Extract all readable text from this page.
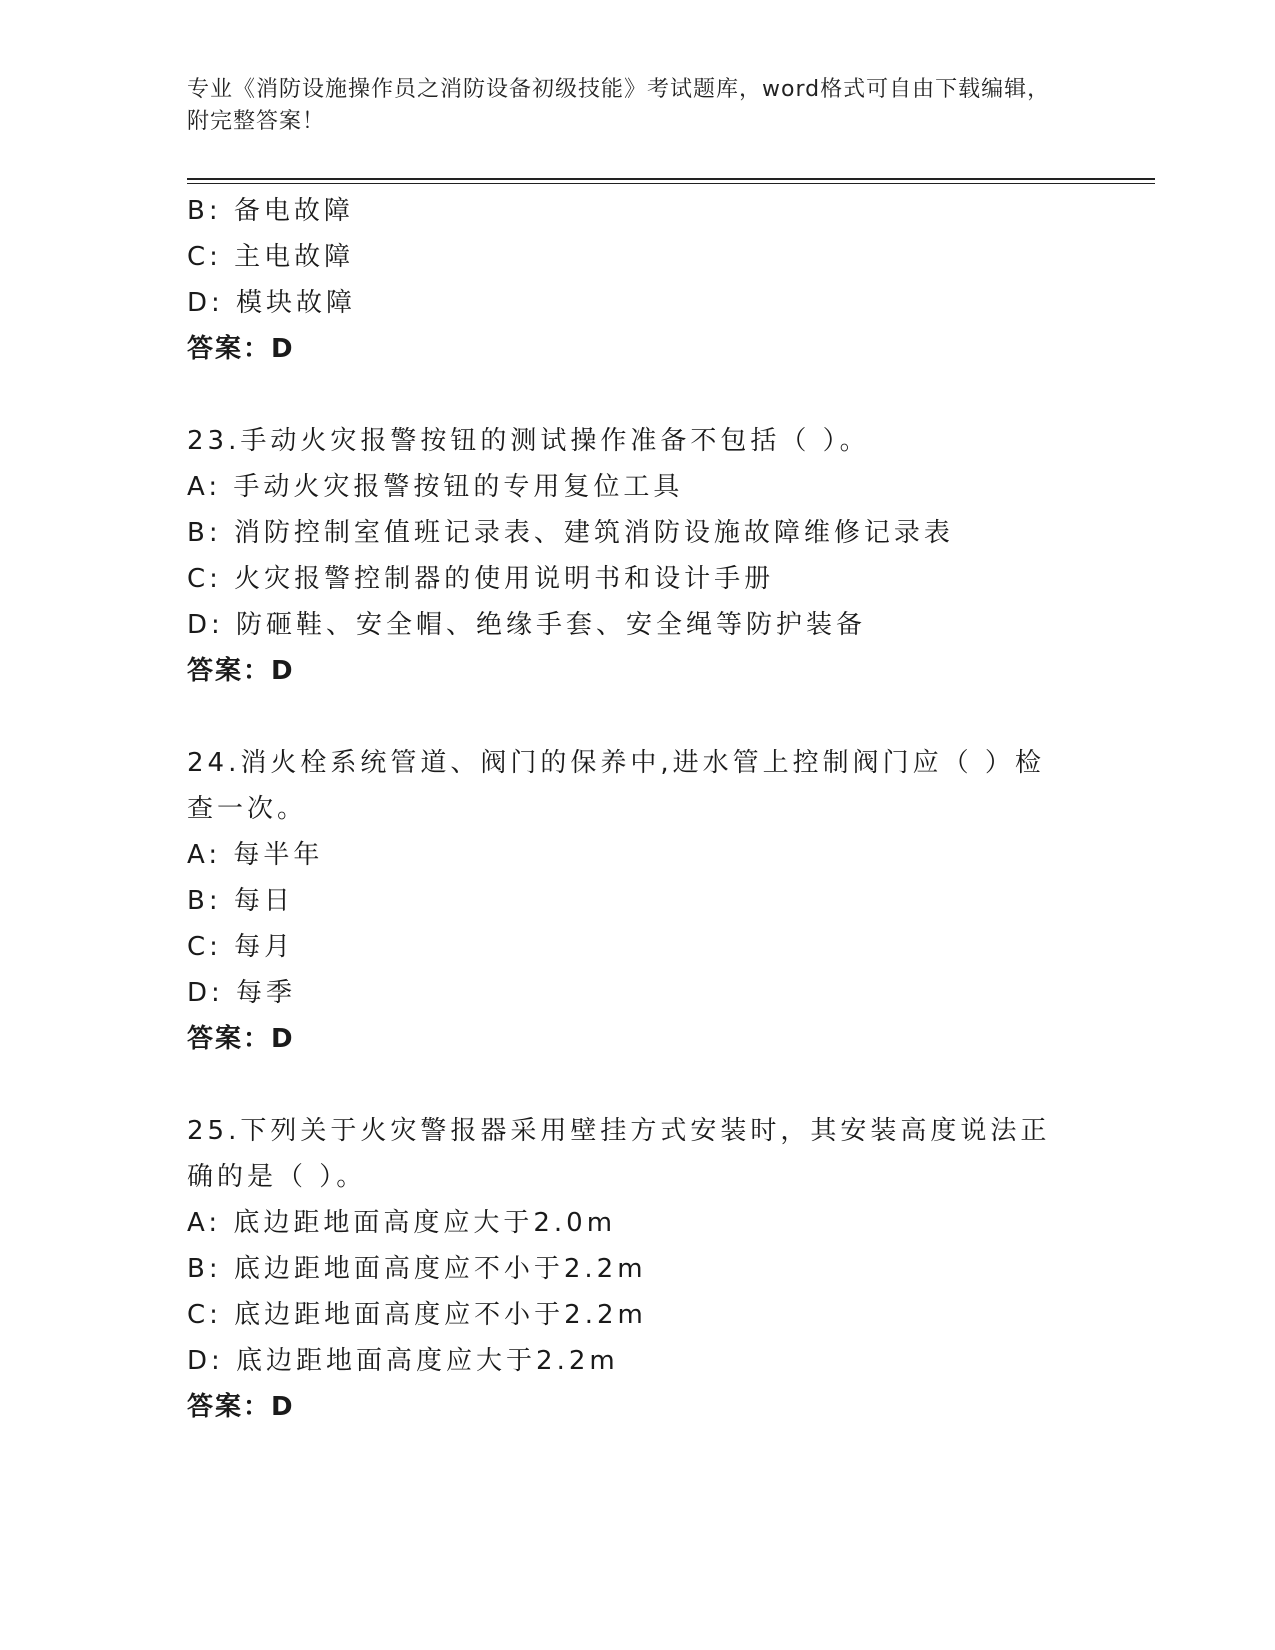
专业《消防设施操作员之消防设备初级技能》考试题库，word格式可自由下载编辑，附完整答案！
B: 备电故障
C: 主电故障
D: 模块故障
答案：D
23.手动火灾报警按钮的测试操作准备不包括（ ）。
A: 手动火灾报警按钮的专用复位工具
B: 消防控制室值班记录表、建筑消防设施故障维修记录表
C: 火灾报警控制器的使用说明书和设计手册
D: 防砸鞋、安全帽、绝缘手套、安全绳等防护装备
答案：D
24.消火栓系统管道、阀门的保养中,进水管上控制阀门应（ ）检查一次。
A: 每半年
B: 每日
C: 每月
D: 每季
答案：D
25.下列关于火灾警报器采用壁挂方式安装时，其安装高度说法正确的是（ ）。
A: 底边距地面高度应大于2.0m
B: 底边距地面高度应不小于2.2m
C: 底边距地面高度应不小于2.2m
D: 底边距地面高度应大于2.2m
答案：D
